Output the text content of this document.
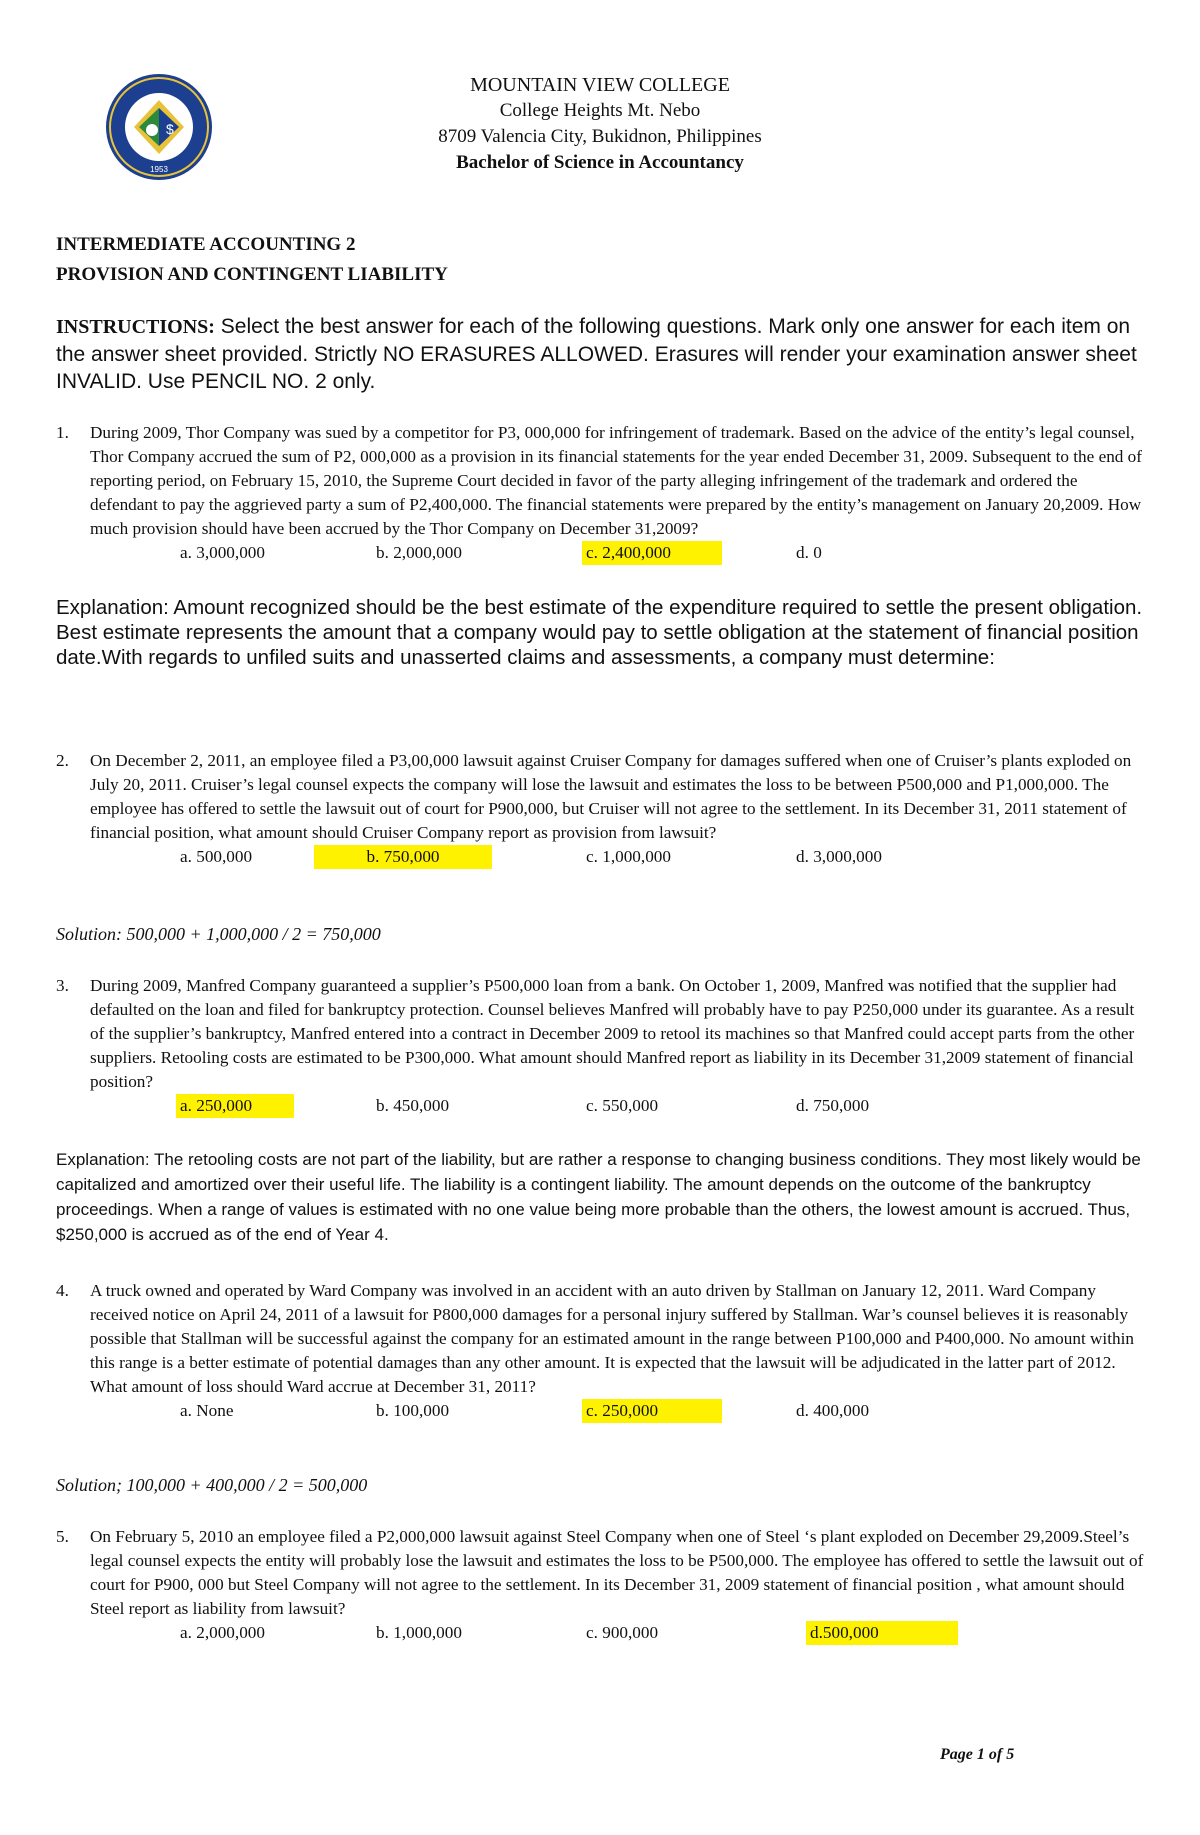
$
1953
MOUNTAIN VIEW COLLEGE
College Heights Mt. Nebo
8709 Valencia City, Bukidnon, Philippines
Bachelor of Science in Accountancy
INTERMEDIATE ACCOUNTING 2
PROVISION AND CONTINGENT LIABILITY
INSTRUCTIONS: Select the best answer for each of the following questions. Mark only one answer for each item on the answer sheet provided. Strictly NO ERASURES ALLOWED. Erasures will render your examination answer sheet INVALID. Use PENCIL NO. 2 only.
1. During 2009, Thor Company was sued by a competitor for P3, 000,000 for infringement of trademark. Based on the advice of the entity’s legal counsel, Thor Company accrued the sum of P2, 000,000 as a provision in its financial statements for the year ended December 31, 2009. Subsequent to the end of reporting period, on February 15, 2010, the Supreme Court decided in favor of the party alleging infringement of the trademark and ordered the defendant to pay the aggrieved party a sum of P2,400,000. The financial statements were prepared by the entity’s management on January 20,2009. How much provision should have been accrued by the Thor Company on December 31,2009?
a. 3,000,000	b. 2,000,000	c. 2,400,000	d. 0
Explanation: Amount recognized should be the best estimate of the expenditure required to settle the present obligation. Best estimate represents the amount that a company would pay to settle obligation at the statement of financial position date.With regards to unfiled suits and unasserted claims and assessments, a company must determine:
2. On December 2, 2011, an employee filed a P3,00,000 lawsuit against Cruiser Company for damages suffered when one of Cruiser’s plants exploded on July 20, 2011. Cruiser’s legal counsel expects the company will lose the lawsuit and estimates the loss to be between P500,000 and P1,000,000. The employee has offered to settle the lawsuit out of court for P900,000, but Cruiser will not agree to the settlement. In its December 31, 2011 statement of financial position, what amount should Cruiser Company report as provision from lawsuit?
a. 500,000	b. 750,000	c. 1,000,000	d. 3,000,000
Solution: 500,000 + 1,000,000 / 2 = 750,000
3. During 2009, Manfred Company guaranteed a supplier’s P500,000 loan from a bank. On October 1, 2009, Manfred was notified that the supplier had defaulted on the loan and filed for bankruptcy protection. Counsel believes Manfred will probably have to pay P250,000 under its guarantee. As a result of the supplier’s bankruptcy, Manfred entered into a contract in December 2009 to retool its machines so that Manfred could accept parts from the other suppliers. Retooling costs are estimated to be P300,000. What amount should Manfred report as liability in its December 31,2009 statement of financial position?
a. 250,000	b. 450,000	c. 550,000	d. 750,000
Explanation: The retooling costs are not part of the liability, but are rather a response to changing business conditions. They most likely would be capitalized and amortized over their useful life. The liability is a contingent liability. The amount depends on the outcome of the bankruptcy proceedings. When a range of values is estimated with no one value being more probable than the others, the lowest amount is accrued. Thus, $250,000 is accrued as of the end of Year 4.
4. A truck owned and operated by Ward Company was involved in an accident with an auto driven by Stallman on January 12, 2011. Ward Company received notice on April 24, 2011 of a lawsuit for P800,000 damages for a personal injury suffered by Stallman. War’s counsel believes it is reasonably possible that Stallman will be successful against the company for an estimated amount in the range between P100,000 and P400,000. No amount within this range is a better estimate of potential damages than any other amount. It is expected that the lawsuit will be adjudicated in the latter part of 2012. What amount of loss should Ward accrue at December 31, 2011?
a. None	b. 100,000	c. 250,000	d. 400,000
Solution; 100,000 + 400,000 / 2 = 500,000
5. On February 5, 2010 an employee filed a P2,000,000 lawsuit against Steel Company when one of Steel ‘s plant exploded on December 29,2009.Steel’s legal counsel expects the entity will probably lose the lawsuit and estimates the loss to be P500,000. The employee has offered to settle the lawsuit out of court for P900, 000 but Steel Company will not agree to the settlement. In its December 31, 2009 statement of financial position , what amount should Steel report as liability from lawsuit?
a. 2,000,000	b. 1,000,000	c. 900,000	d.500,000
Page 1 of 5
